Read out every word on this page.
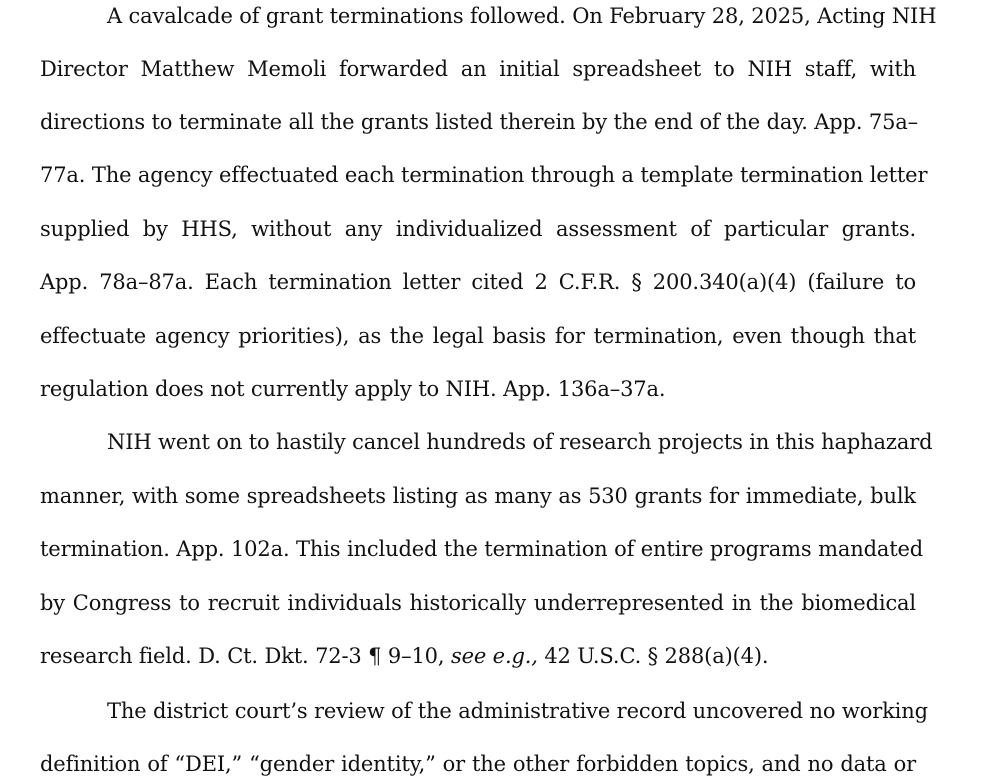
A cavalcade of grant terminations followed. On February 28, 2025, Acting NIH
Director Matthew Memoli forwarded an initial spreadsheet to NIH staff, with
directions to terminate all the grants listed therein by the end of the day. App. 75a–
77a. The agency effectuated each termination through a template termination letter
supplied by HHS, without any individualized assessment of particular grants.
App. 78a–87a. Each termination letter cited 2 C.F.R. § 200.340(a)(4) (failure to
effectuate agency priorities), as the legal basis for termination, even though that
regulation does not currently apply to NIH. App. 136a–37a.
NIH went on to hastily cancel hundreds of research projects in this haphazard
manner, with some spreadsheets listing as many as 530 grants for immediate, bulk
termination. App. 102a. This included the termination of entire programs mandated
by Congress to recruit individuals historically underrepresented in the biomedical
research field. D. Ct. Dkt. 72-3 ¶ 9–10, see e.g., 42 U.S.C. § 288(a)(4).
The district court’s review of the administrative record uncovered no working
definition of “DEI,” “gender identity,” or the other forbidden topics, and no data or
